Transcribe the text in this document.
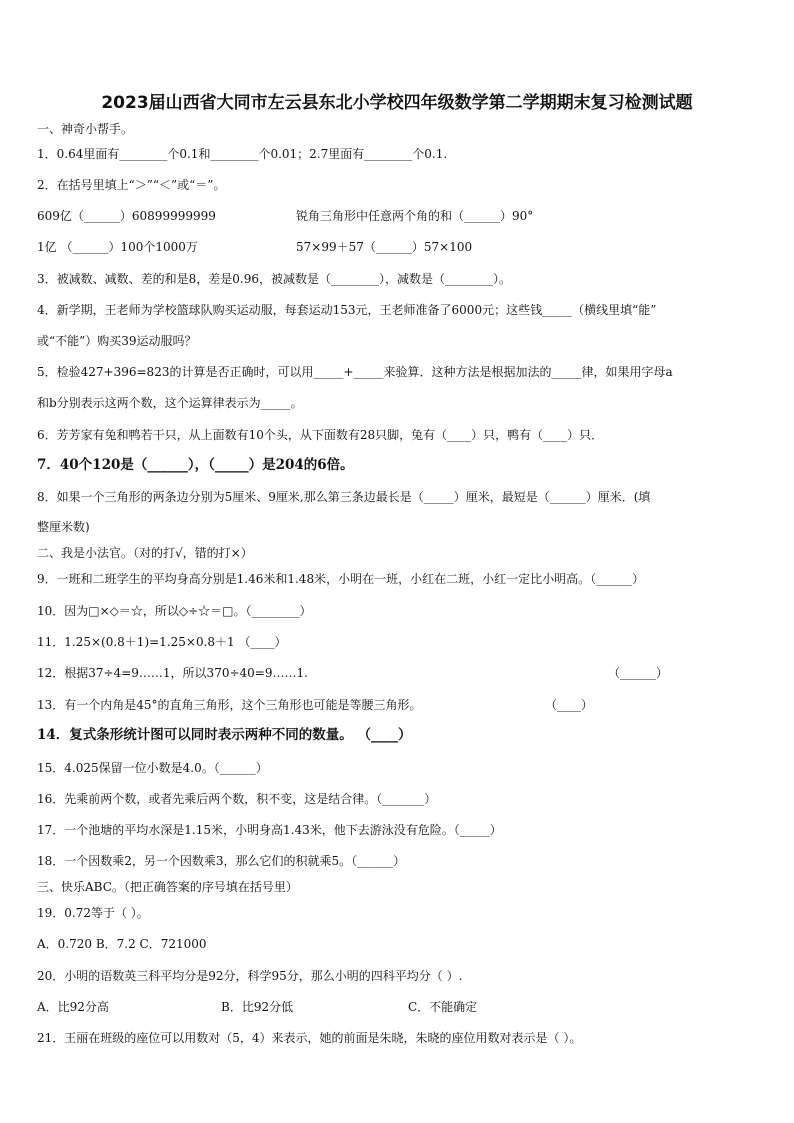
2023届山西省大同市左云县东北小学校四年级数学第二学期期末复习检测试题
一、神奇小帮手。
1．0.64里面有________个0.1和________个0.01；2.7里面有________个0.1.
2．在括号里填上“＞”“＜”或“＝”。
609亿（______）60899999999	锐角三角形中任意两个角的和（______）90°
1亿 （______）100个1000万	57×99＋57（______）57×100
3．被减数、减数、差的和是8，差是0.96，被减数是（________），减数是（________）。
4．新学期，王老师为学校篮球队购买运动服，每套运动153元，王老师准备了6000元；这些钱_____（横线里填“能”
或“不能”）购买39运动服吗？
5．检验427+396=823的计算是否正确时，可以用_____+_____来验算．这种方法是根据加法的_____律，如果用字母a
和b分别表示这两个数，这个运算律表示为_____。
6．芳芳家有兔和鸭若干只，从上面数有10个头，从下面数有28只脚，兔有（____）只，鸭有（____）只．
7．40个120是（______），（_____）是204的6倍。
8．如果一个三角形的两条边分别为5厘米、9厘米,那么第三条边最长是（_____）厘米，最短是（______）厘米．(填
整厘米数)
二、我是小法官。（对的打√，错的打×）
9．一班和二班学生的平均身高分别是1.46米和1.48米，小明在一班，小红在二班，小红一定比小明高。（______）
10．因为□×◇＝☆，所以◇÷☆＝□。（________）
11．1.25×(0.8＋1)=1.25×0.8＋1 （____）
12．根据37÷4=9……1，所以370÷40=9……1.	（______）
13．有一个内角是45°的直角三角形，这个三角形也可能是等腰三角形。	（____）
14．复式条形统计图可以同时表示两种不同的数量。 （____）
15．4.025保留一位小数是4.0。（______）
16．先乘前两个数，或者先乘后两个数，积不变，这是结合律。（_______）
17．一个池塘的平均水深是1.15米，小明身高1.43米，他下去游泳没有危险。（_____）
18．一个因数乘2，另一个因数乘3，那么它们的积就乘5。（______）
三、快乐ABC。（把正确答案的序号填在括号里）
19．0.72等于（ ）。
A．0.720 B．7.2 C．721000
20．小明的语数英三科平均分是92分，科学95分，那么小明的四科平均分（ ）.
A．比92分高	B．比92分低	C．不能确定
21．王丽在班级的座位可以用数对（5，4）来表示，她的前面是朱晓，朱晓的座位用数对表示是（ ）。
